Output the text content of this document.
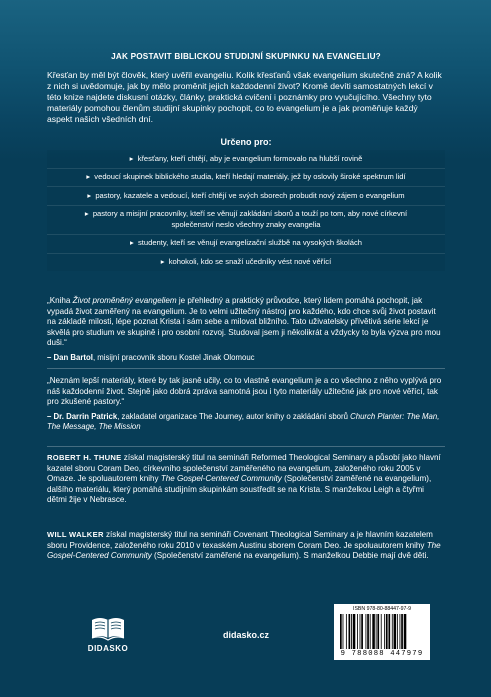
JAK POSTAVIT BIBLICKOU STUDIJNÍ SKUPINKU NA EVANGELIU?
Křesťan by měl být člověk, který uvěřil evangeliu. Kolik křesťanů však evangelium skutečně zná? A kolik z nich si uvědomuje, jak by mělo proměnit jejich každodenní život? Kromě devíti samostatných lekcí v této knize najdete diskusní otázky, články, praktická cvičení i poznámky pro vyučujícího. Všechny tyto materiály pomohou členům studijní skupinky pochopit, co to evangelium je a jak proměňuje každý aspekt našich všedních dní.
Určeno pro:
▸ křesťany, kteří chtějí, aby je evangelium formovalo na hlubší rovině
▸ vedoucí skupinek biblického studia, kteří hledají materiály, jež by oslovily široké spektrum lidí
▸ pastory, kazatele a vedoucí, kteří chtějí ve svých sborech probudit nový zájem o evangelium
▸ pastory a misijní pracovníky, kteří se věnují zakládání sborů a touží po tom, aby nové církevní společenství neslo všechny znaky evangelia
▸ studenty, kteří se věnují evangelizační službě na vysokých školách
▸ kohokoli, kdo se snaží učedníky vést nové věřící
„Kniha Život proměněný evangeliem je přehledný a praktický průvodce, který lidem pomáhá pochopit, jak vypadá život zaměřený na evangelium. Je to velmi užitečný nástroj pro každého, kdo chce svůj život postavit na základě milosti, lépe poznat Krista i sám sebe a milovat bližního. Tato uživatelsky přívětivá série lekcí je skvělá pro studium ve skupině i pro osobní rozvoj. Studoval jsem ji několikrát a vždycky to byla výzva pro mou duši.“
– Dan Bartol, misijní pracovník sboru Kostel Jinak Olomouc
„Neznám lepší materiály, které by tak jasně učily, co to vlastně evangelium je a co všechno z něho vyplývá pro náš každodenní život. Stejně jako dobrá zpráva samotná jsou i tyto materiály užitečné jak pro nové věřící, tak pro zkušené pastory.“
– Dr. Darrin Patrick, zakladatel organizace The Journey, autor knihy o zakládání sborů Church Planter: The Man, The Message, The Mission
ROBERT H. THUNE získal magisterský titul na semináři Reformed Theological Seminary a působí jako hlavní kazatel sboru Coram Deo, církevního společenství zaměřeného na evangelium, založeného roku 2005 v Omaze. Je spoluautorem knihy The Gospel-Centered Community (Společenství zaměřené na evangelium), dalšího materiálu, který pomáhá studijním skupinkám soustředit se na Krista. S manželkou Leigh a čtyřmi dětmi žije v Nebrasce.
WILL WALKER získal magisterský titul na semináři Covenant Theological Seminary a je hlavním kazatelem sboru Providence, založeného roku 2010 v texaském Austinu sborem Coram Deo. Je spoluautorem knihy The Gospel-Centered Community (Společenství zaměřené na evangelium). S manželkou Debbie mají dvě děti.
DIDASKO
didasko.cz
ISBN 978-80-88447-97-9
9 788088 447979
